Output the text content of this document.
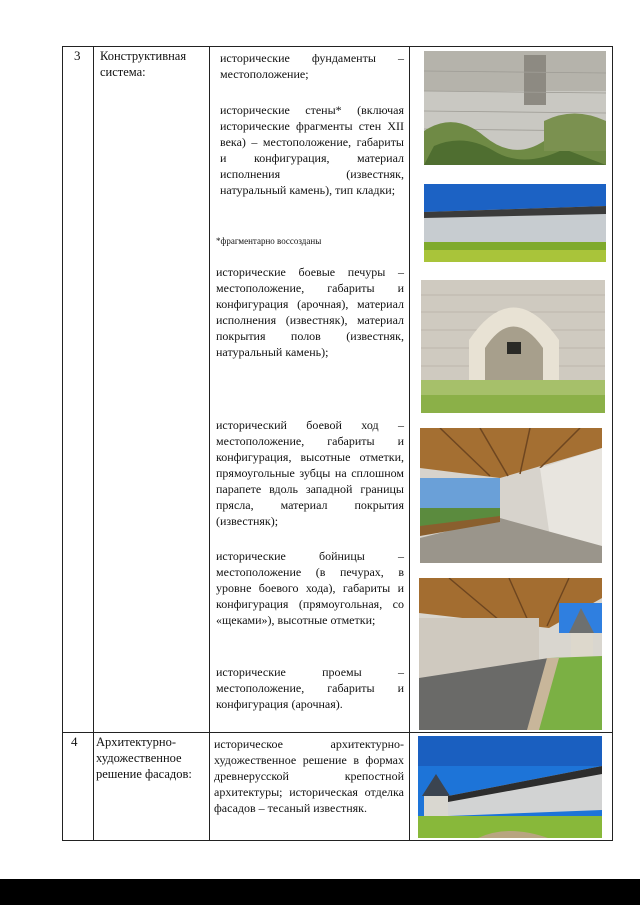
3 Конструктивная система:
исторические фундаменты – местоположение;
исторические стены* (включая исторические фрагменты стен XII века) – местоположение, габариты и конфигурация, материал исполнения (известняк, натуральный камень), тип кладки;
*фрагментарно воссозданы
исторические боевые печуры – местоположение, габариты и конфигурация (арочная), материал исполнения (известняк), материал покрытия полов (известняк, натуральный камень);
исторический боевой ход – местоположение, габариты и конфигурация, высотные отметки, прямоугольные зубцы на сплошном парапете вдоль западной границы прясла, материал покрытия (известняк);
исторические бойницы – местоположение (в печурах, в уровне боевого хода), габариты и конфигурация (прямоугольная, со «щеками»), высотные отметки;
исторические проемы – местоположение, габариты и конфигурация (арочная).
4 Архитектурно-художественное решение фасадов:
историческое архитектурно-художественное решение в формах древнерусской крепостной архитектуры; историческая отделка фасадов – тесаный известняк.
